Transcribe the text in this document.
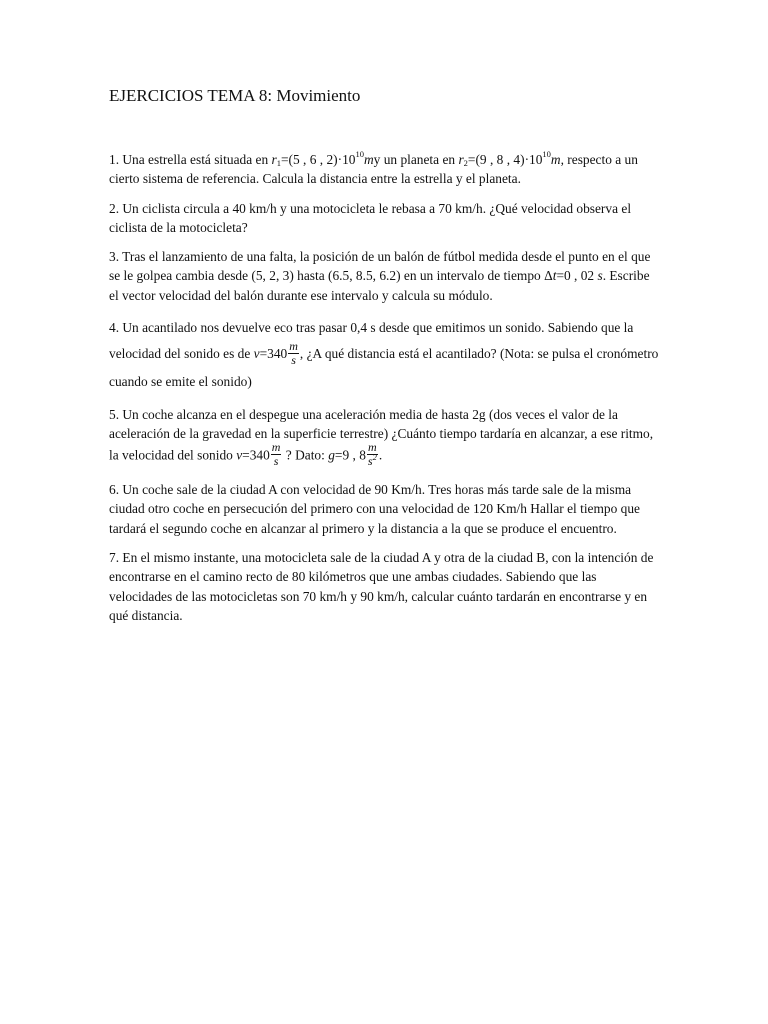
EJERCICIOS TEMA 8: Movimiento

1. Una estrella está situada en $r_1=(5$ , 6 , $2)\cdot 10^{10}my$ un planeta en $r_2=(9$ , 8 , $4)\cdot 10^{10}m$, respecto a un cierto sistema de referencia. Calcula la distancia entre la estrella y el planeta.

2. Un ciclista circula a 40 km/h y una motocicleta le rebasa a 70 km/h. ¿Qué velocidad observa el ciclista de la motocicleta?

3. Tras el lanzamiento de una falta, la posición de un balón de fútbol medida desde el punto en el que se le golpea cambia desde (5, 2, 3) hasta (6.5, 8.5, 6.2) en un intervalo de tiempo Δt=0 , 02 s. Escribe el vector velocidad del balón durante ese intervalo y calcula su módulo.

4. Un acantilado nos devuelve eco tras pasar 0,4 s desde que emitimos un sonido. Sabiendo que la velocidad del sonido es de $v=340 \frac{m}{s}$ , ¿A qué distancia está el acantilado? (Nota: se pulsa el cronómetro cuando se emite el sonido)

5. Un coche alcanza en el despegue una aceleración media de hasta 2g (dos veces el valor de la aceleración de la gravedad en la superficie terrestre) ¿Cuánto tiempo tardaría en alcanzar, a ese ritmo, la velocidad del sonido $v=340 \frac{m}{s}$ ? Dato: g=9 , $8 \frac{m}{s^2}$ .

6. Un coche sale de la ciudad A con velocidad de 90 Km/h. Tres horas más tarde sale de la misma ciudad otro coche en persecución del primero con una velocidad de 120 Km/h Hallar el tiempo que tardará el segundo coche en alcanzar al primero y la distancia a la que se produce el encuentro.

7. En el mismo instante, una motocicleta sale de la ciudad A y otra de la ciudad B, con la intención de encontrarse en el camino recto de 80 kilómetros que une ambas ciudades. Sabiendo que las velocidades de las motocicletas son 70 km/h y 90 km/h, calcular cuánto tardarán en encontrarse y en qué distancia.
